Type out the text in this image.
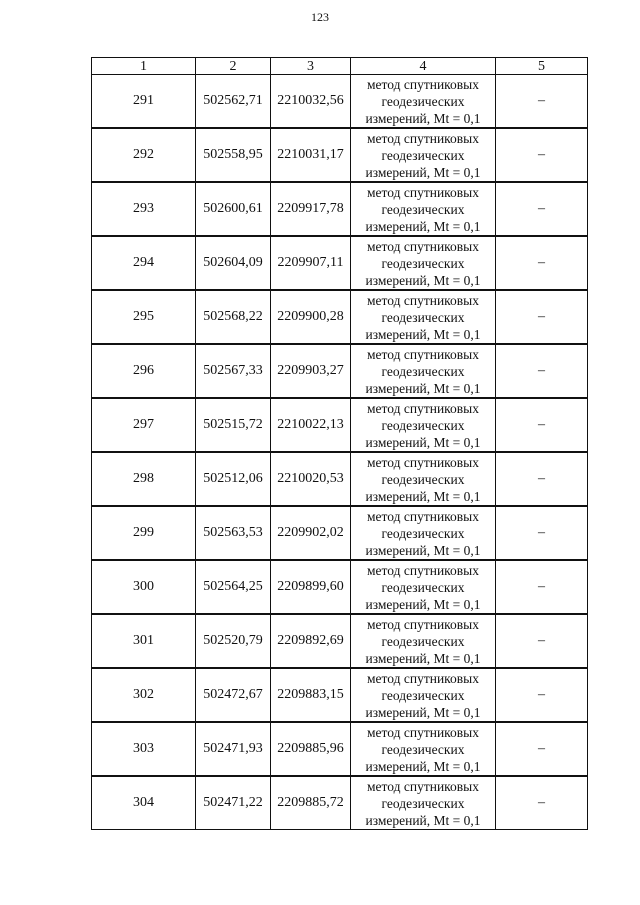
123
1	2	3	4	5
291	502562,71	2210032,56	метод спутниковых
геодезических
измерений, Mt = 0,1	–
292	502558,95	2210031,17	метод спутниковых
геодезических
измерений, Mt = 0,1	–
293	502600,61	2209917,78	метод спутниковых
геодезических
измерений, Mt = 0,1	–
294	502604,09	2209907,11	метод спутниковых
геодезических
измерений, Mt = 0,1	–
295	502568,22	2209900,28	метод спутниковых
геодезических
измерений, Mt = 0,1	–
296	502567,33	2209903,27	метод спутниковых
геодезических
измерений, Mt = 0,1	–
297	502515,72	2210022,13	метод спутниковых
геодезических
измерений, Mt = 0,1	–
298	502512,06	2210020,53	метод спутниковых
геодезических
измерений, Mt = 0,1	–
299	502563,53	2209902,02	метод спутниковых
геодезических
измерений, Mt = 0,1	–
300	502564,25	2209899,60	метод спутниковых
геодезических
измерений, Mt = 0,1	–
301	502520,79	2209892,69	метод спутниковых
геодезических
измерений, Mt = 0,1	–
302	502472,67	2209883,15	метод спутниковых
геодезических
измерений, Mt = 0,1	–
303	502471,93	2209885,96	метод спутниковых
геодезических
измерений, Mt = 0,1	–
304	502471,22	2209885,72	метод спутниковых
геодезических
измерений, Mt = 0,1	–
